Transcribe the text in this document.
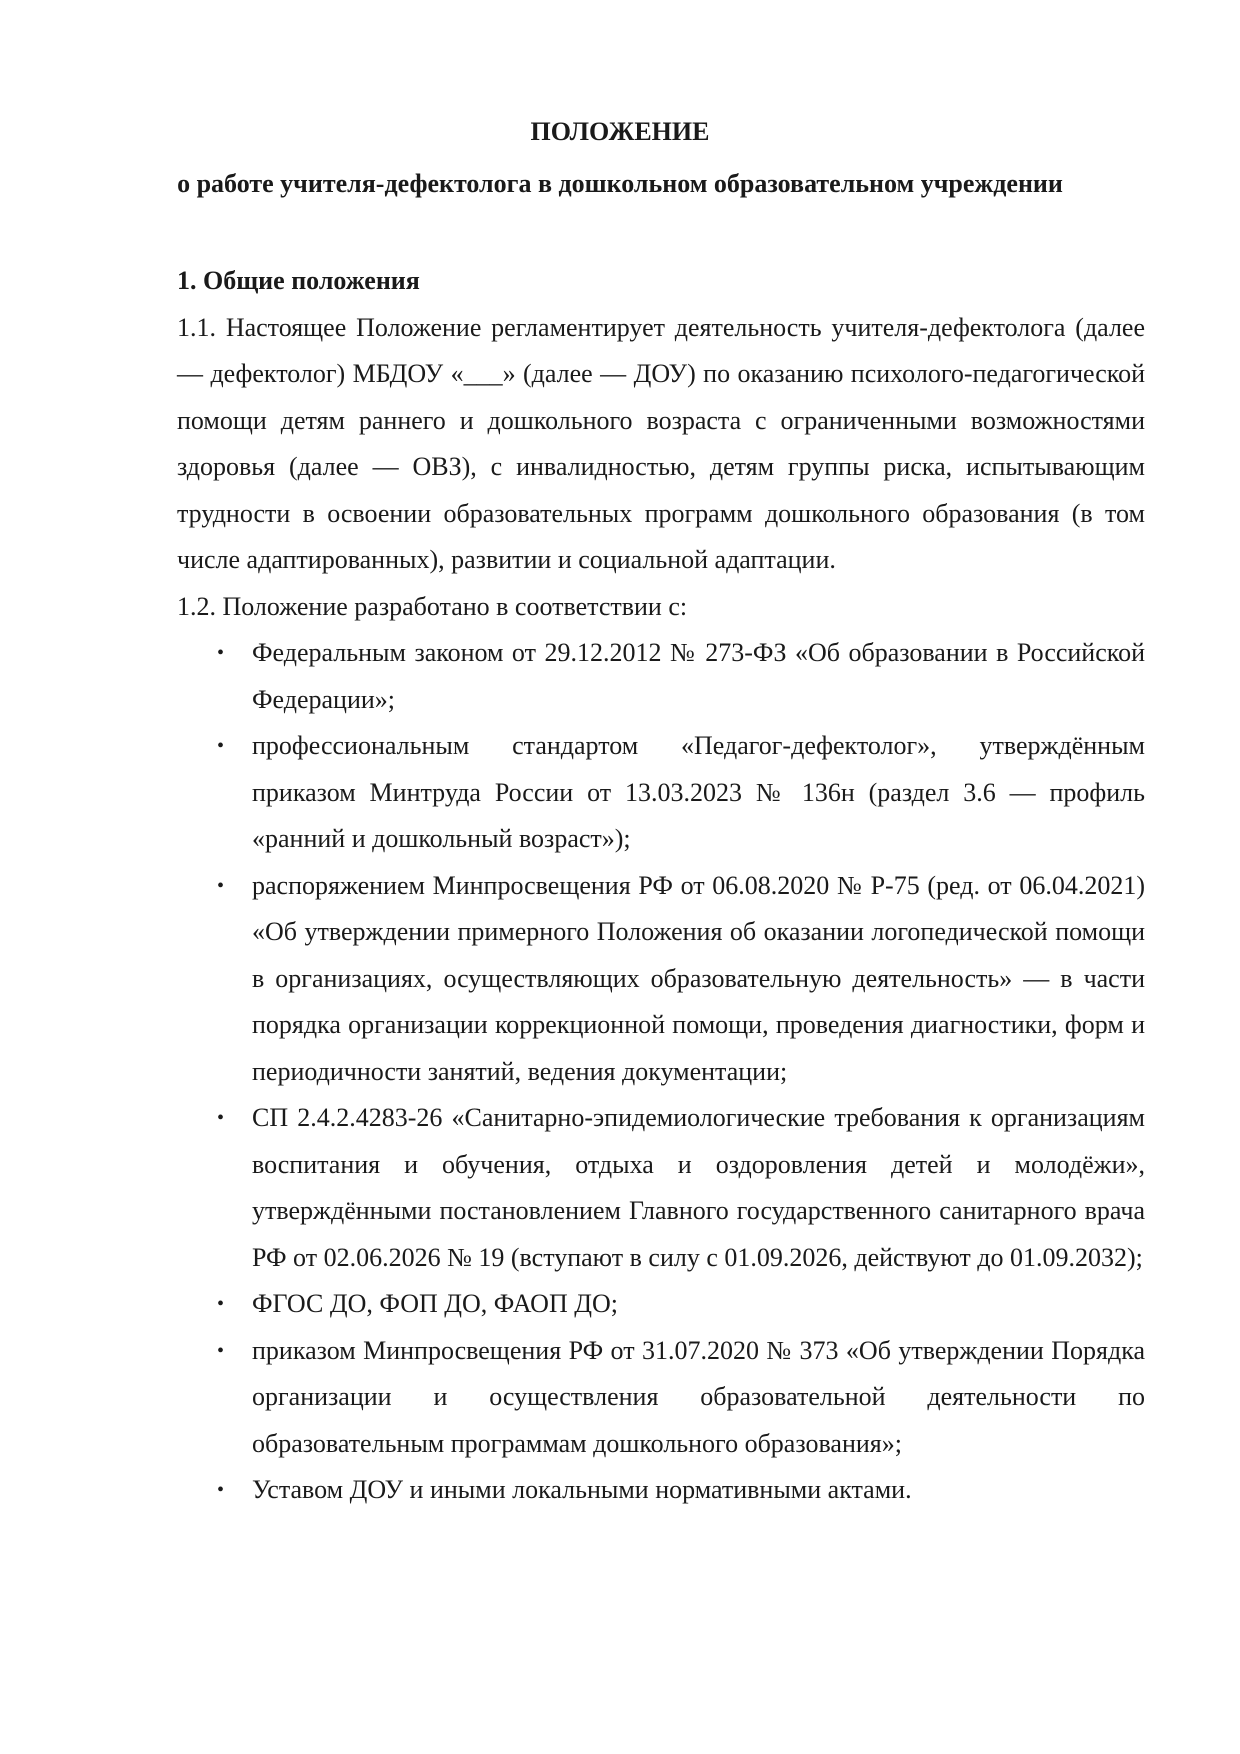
ПОЛОЖЕНИЕ
о работе учителя-дефектолога в дошкольном образовательном учреждении

1. Общие положения

1.1. Настоящее Положение регламентирует деятельность учителя-дефектолога (далее — дефектолог) МБДОУ «___» (далее — ДОУ) по оказанию психолого-педагогической помощи детям раннего и дошкольного возраста с ограниченными возможностями здоровья (далее — ОВЗ), с инвалидностью, детям группы риска, испытывающим трудности в освоении образовательных программ дошкольного образования (в том числе адаптированных), развитии и социальной адаптации.

1.2. Положение разработано в соответствии с:

• Федеральным законом от 29.12.2012 № 273-ФЗ «Об образовании в Российской Федерации»;
• профессиональным стандартом «Педагог-дефектолог», утверждённым приказом Минтруда России от 13.03.2023 № 136н (раздел 3.6 — профиль «ранний и дошкольный возраст»);
• распоряжением Минпросвещения РФ от 06.08.2020 № Р-75 (ред. от 06.04.2021) «Об утверждении примерного Положения об оказании логопедической помощи в организациях, осуществляющих образовательную деятельность» — в части порядка организации коррекционной помощи, проведения диагностики, форм и периодичности занятий, ведения документации;
• СП 2.4.2.4283-26 «Санитарно-эпидемиологические требования к организациям воспитания и обучения, отдыха и оздоровления детей и молодёжи», утверждёнными постановлением Главного государственного санитарного врача РФ от 02.06.2026 № 19 (вступают в силу с 01.09.2026, действуют до 01.09.2032);
• ФГОС ДО, ФОП ДО, ФАОП ДО;
• приказом Минпросвещения РФ от 31.07.2020 № 373 «Об утверждении Порядка организации и осуществления образовательной деятельности по образовательным программам дошкольного образования»;
• Уставом ДОУ и иными локальными нормативными актами.
